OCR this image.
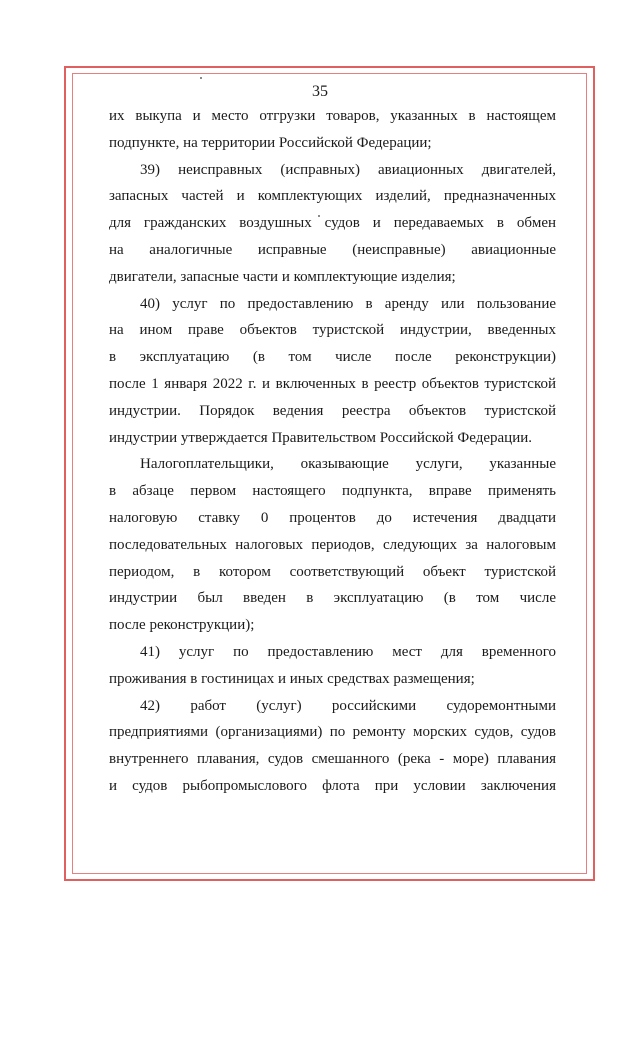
35
их выкупа и место отгрузки товаров, указанных в настоящем
подпункте, на территории Российской Федерации;
39) неисправных (исправных) авиационных двигателей,
запасных частей и комплектующих изделий, предназначенных
для гражданских воздушных судов и передаваемых в обмен
на аналогичные исправные (неисправные) авиационные
двигатели, запасные части и комплектующие изделия;
40) услуг по предоставлению в аренду или пользование
на ином праве объектов туристской индустрии, введенных
в эксплуатацию (в том числе после реконструкции)
после 1 января 2022 г. и включенных в реестр объектов туристской
индустрии. Порядок ведения реестра объектов туристской
индустрии утверждается Правительством Российской Федерации.
Налогоплательщики, оказывающие услуги, указанные
в абзаце первом настоящего подпункта, вправе применять
налоговую ставку 0 процентов до истечения двадцати
последовательных налоговых периодов, следующих за налоговым
периодом, в котором соответствующий объект туристской
индустрии был введен в эксплуатацию (в том числе
после реконструкции);
41) услуг по предоставлению мест для временного
проживания в гостиницах и иных средствах размещения;
42) работ (услуг) российскими судоремонтными
предприятиями (организациями) по ремонту морских судов, судов
внутреннего плавания, судов смешанного (река - море) плавания
и судов рыбопромыслового флота при условии заключения
